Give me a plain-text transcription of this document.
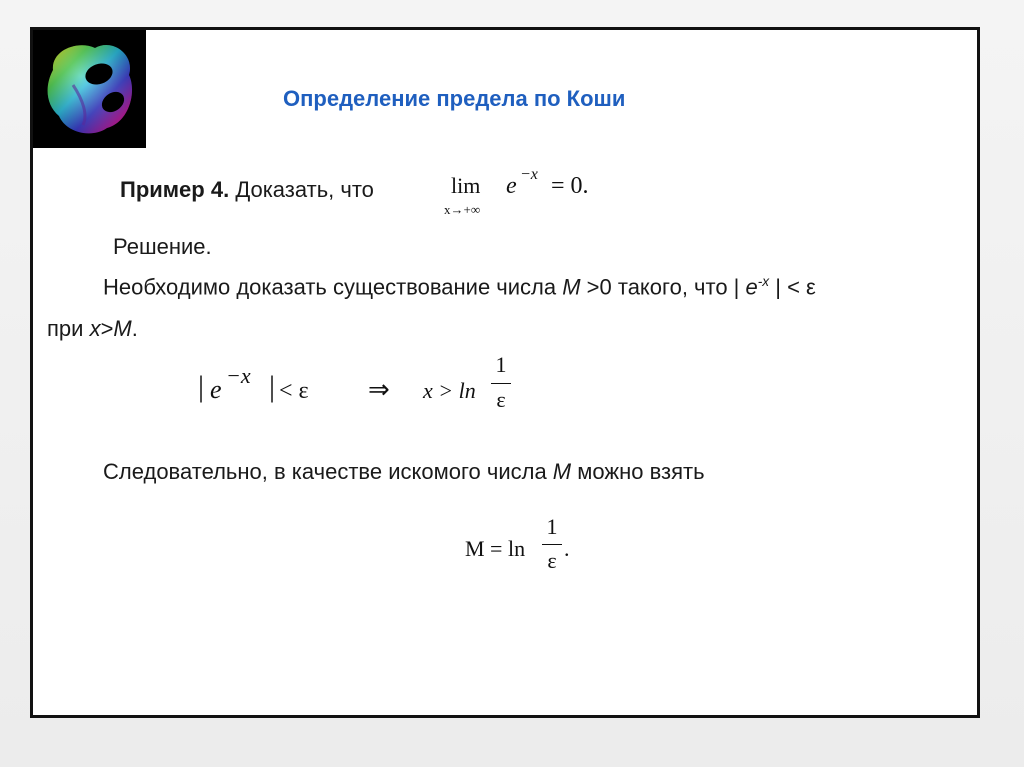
Определение предела по Коши
Пример 4. Доказать, что	lim
x→+∞
e −x = 0.
Решение.
Необходимо доказать существование числа M >0 такого, что | $e^{-x}$ | < ε
при x>M.
| e −x | < ε ⇒ x > ln
1
ε
Следовательно, в качестве искомого числа M можно взять
M = ln
1
ε .
